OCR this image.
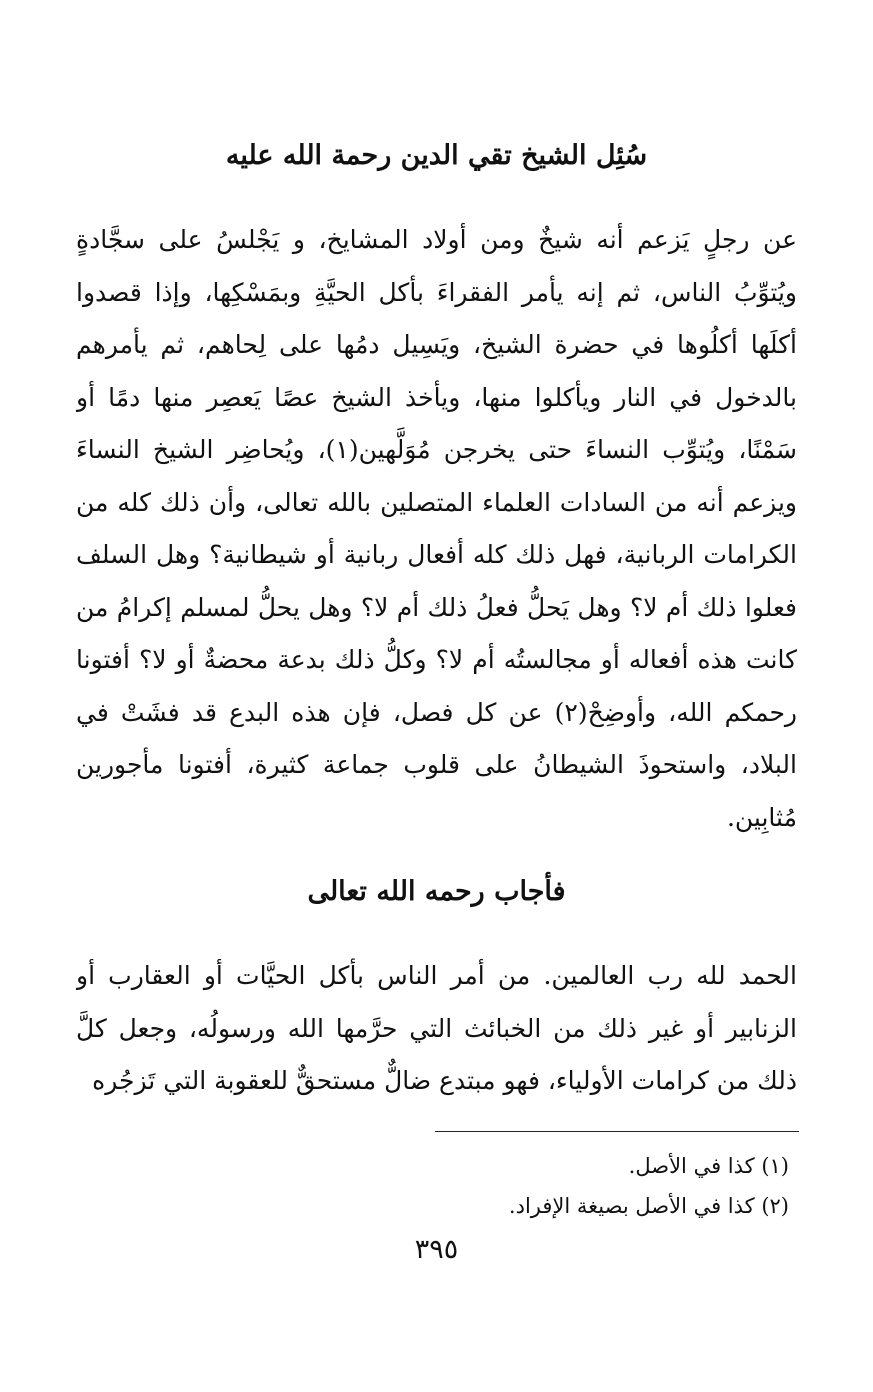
سُئِل الشيخ تقي الدين رحمة الله عليه

عن رجلٍ يَزعم أنه شيخٌ ومن أولاد المشايخ، و يَجْلسُ على سجَّادةٍ ويُتوِّبُ الناس، ثم إنه يأمر الفقراءَ بأكل الحيَّةِ وبمَسْكِها، وإذا قصدوا أكلَها أكلُوها في حضرة الشيخ، ويَسِيل دمُها على لِحاهم، ثم يأمرهم بالدخول في النار ويأكلوا منها، ويأخذ الشيخ عصًا يَعصِر منها دمًا أو سَمْنًا، ويُتوِّب النساءَ حتى يخرجن مُوَلَّهين(١)، ويُحاضِر الشيخ النساءَ ويزعم أنه من السادات العلماء المتصلين بالله تعالى، وأن ذلك كله من الكرامات الربانية، فهل ذلك كله أفعال ربانية أو شيطانية؟ وهل السلف فعلوا ذلك أم لا؟ وهل يَحلُّ فعلُ ذلك أم لا؟ وهل يحلُّ لمسلم إكرامُ من كانت هذه أفعاله أو مجالستُه أم لا؟ وكلُّ ذلك بدعة محضةٌ أو لا؟ أفتونا رحمكم الله، وأوضِحْ(٢) عن كل فصل، فإن هذه البدع قد فشَتْ في البلاد، واستحوذَ الشيطانُ على قلوب جماعة كثيرة، أفتونا مأجورين مُثابِين.

فأجاب رحمه الله تعالى

الحمد لله رب العالمين. من أمر الناس بأكل الحيَّات أو العقارب أو الزنابير أو غير ذلك من الخبائث التي حرَّمها الله ورسولُه، وجعل كلَّ ذلك من كرامات الأولياء، فهو مبتدع ضالٌّ مستحقٌّ للعقوبة التي تَزجُره

(١) كذا في الأصل.
(٢) كذا في الأصل بصيغة الإفراد.
٣٩٥
